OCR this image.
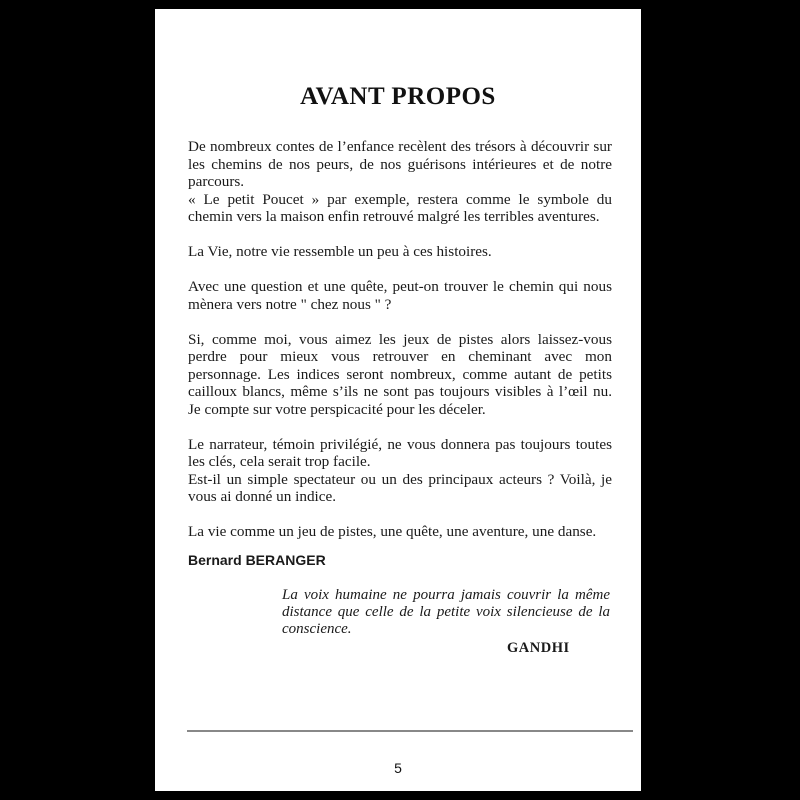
AVANT PROPOS

De nombreux contes de l’enfance recèlent des trésors à découvrir sur
les chemins de nos peurs, de nos guérisons intérieures et de notre
parcours.
« Le petit Poucet » par exemple, restera comme le symbole du
chemin vers la maison enfin retrouvé malgré les terribles aventures.

La Vie, notre vie ressemble un peu à ces histoires.

Avec une question et une quête, peut-on trouver le chemin qui nous
mènera vers notre " chez nous " ?

Si, comme moi, vous aimez les jeux de pistes alors laissez-vous
perdre pour mieux vous retrouver en cheminant avec mon
personnage. Les indices seront nombreux, comme autant de petits
cailloux blancs, même s’ils ne sont pas toujours visibles à l’œil nu.
Je compte sur votre perspicacité pour les déceler.

Le narrateur, témoin privilégié, ne vous donnera pas toujours toutes
les clés, cela serait trop facile.
Est-il un simple spectateur ou un des principaux acteurs ? Voilà, je
vous ai donné un indice.

La vie comme un jeu de pistes, une quête, une aventure, une danse.

Bernard BERANGER

La voix humaine ne pourra jamais couvrir la même
distance que celle de la petite voix silencieuse de la
conscience.

GANDHI

5
